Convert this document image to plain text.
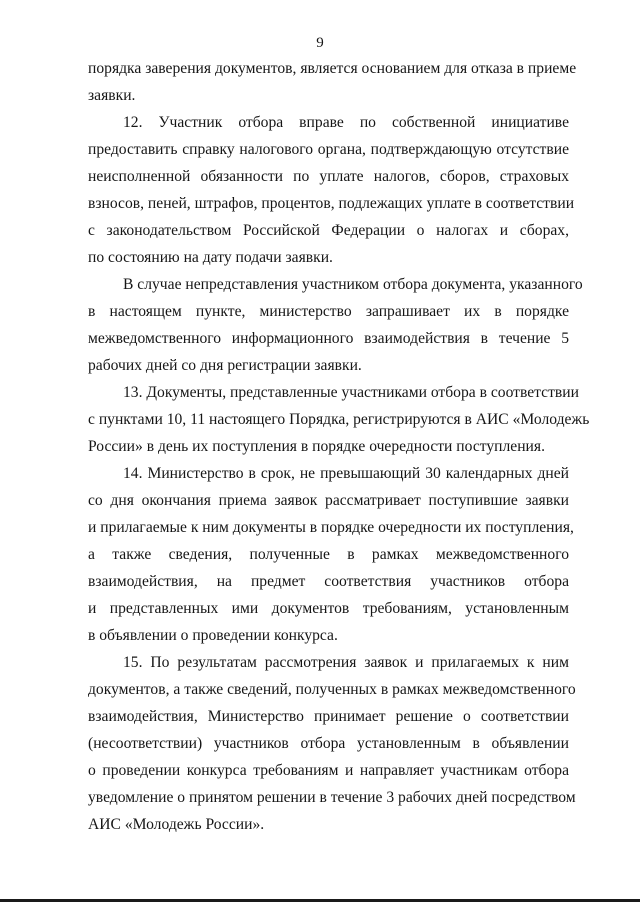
9
порядка заверения документов, является основанием для отказа в приеме
заявки.
12. Участник отбора вправе по собственной инициативе
предоставить справку налогового органа, подтверждающую отсутствие
неисполненной обязанности по уплате налогов, сборов, страховых
взносов, пеней, штрафов, процентов, подлежащих уплате в соответствии
с законодательством Российской Федерации о налогах и сборах,
по состоянию на дату подачи заявки.
В случае непредставления участником отбора документа, указанного
в настоящем пункте, министерство запрашивает их в порядке
межведомственного информационного взаимодействия в течение 5
рабочих дней со дня регистрации заявки.
13. Документы, представленные участниками отбора в соответствии
с пунктами 10, 11 настоящего Порядка, регистрируются в АИС «Молодежь
России» в день их поступления в порядке очередности поступления.
14. Министерство в срок, не превышающий 30 календарных дней
со дня окончания приема заявок рассматривает поступившие заявки
и прилагаемые к ним документы в порядке очередности их поступления,
а также сведения, полученные в рамках межведомственного
взаимодействия, на предмет соответствия участников отбора
и представленных ими документов требованиям, установленным
в объявлении о проведении конкурса.
15. По результатам рассмотрения заявок и прилагаемых к ним
документов, а также сведений, полученных в рамках межведомственного
взаимодействия, Министерство принимает решение о соответствии
(несоответствии) участников отбора установленным в объявлении
о проведении конкурса требованиям и направляет участникам отбора
уведомление о принятом решении в течение 3 рабочих дней посредством
АИС «Молодежь России».
